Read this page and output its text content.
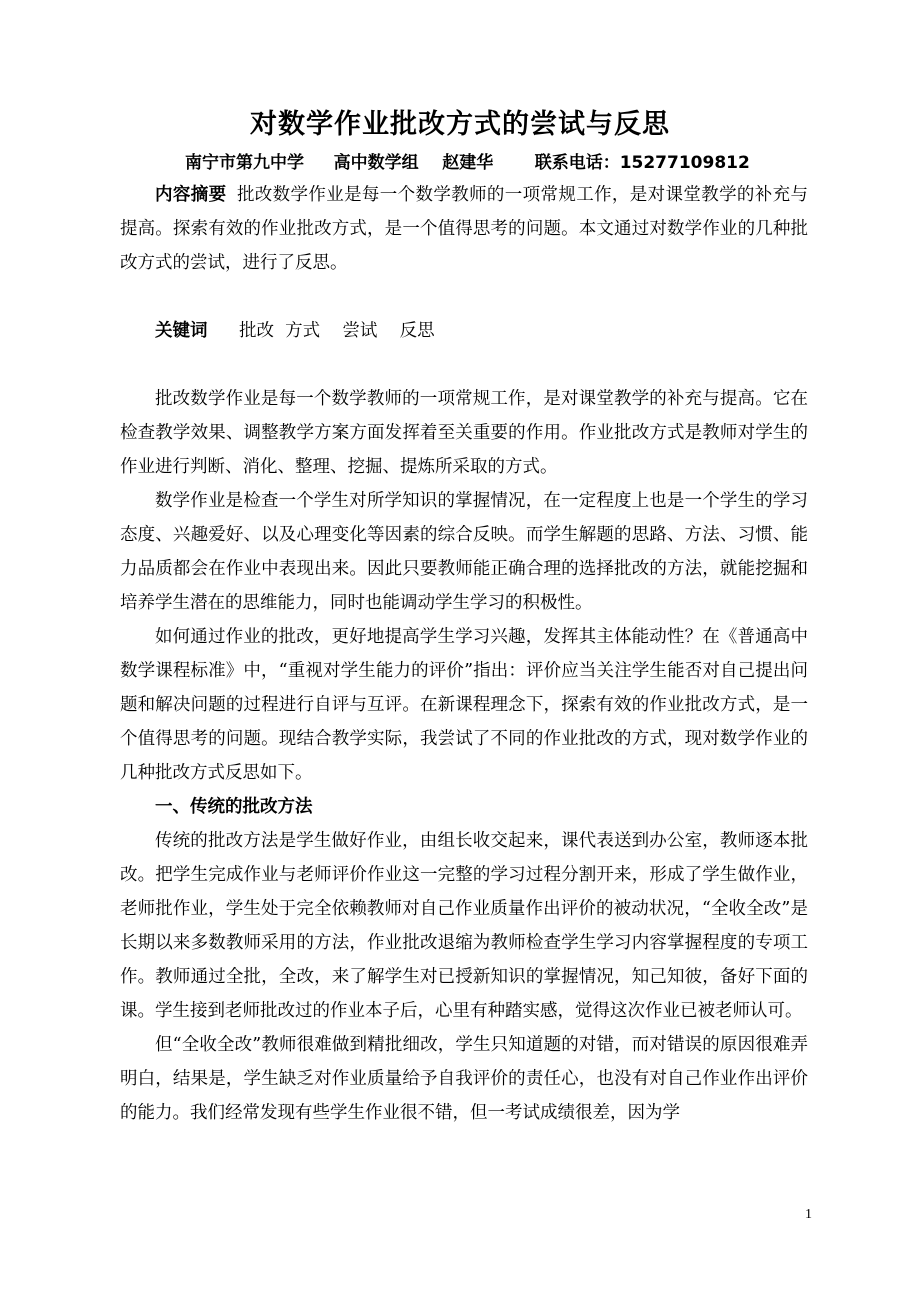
对数学作业批改方式的尝试与反思
南宁市第九中学     高中数学组    赵建华       联系电话：15277109812

内容摘要 批改数学作业是每一个数学教师的一项常规工作，是对课堂教学的补充与提高。探索有效的作业批改方式，是一个值得思考的问题。本文通过对数学作业的几种批改方式的尝试，进行了反思。

关键词 批改  方式    尝试    反思

批改数学作业是每一个数学教师的一项常规工作，是对课堂教学的补充与提高。它在检查教学效果、调整教学方案方面发挥着至关重要的作用。作业批改方式是教师对学生的作业进行判断、消化、整理、挖掘、提炼所采取的方式。

数学作业是检查一个学生对所学知识的掌握情况，在一定程度上也是一个学生的学习态度、兴趣爱好、以及心理变化等因素的综合反映。而学生解题的思路、方法、习惯、能力品质都会在作业中表现出来。因此只要教师能正确合理的选择批改的方法，就能挖掘和培养学生潜在的思维能力，同时也能调动学生学习的积极性。

如何通过作业的批改，更好地提高学生学习兴趣，发挥其主体能动性？在《普通高中数学课程标准》中，“重视对学生能力的评价”指出：评价应当关注学生能否对自己提出问题和解决问题的过程进行自评与互评。在新课程理念下，探索有效的作业批改方式，是一个值得思考的问题。现结合教学实际，我尝试了不同的作业批改的方式，现对数学作业的几种批改方式反思如下。

一、传统的批改方法

传统的批改方法是学生做好作业，由组长收交起来，课代表送到办公室，教师逐本批改。把学生完成作业与老师评价作业这一完整的学习过程分割开来，形成了学生做作业，老师批作业，学生处于完全依赖教师对自己作业质量作出评价的被动状况，“全收全改”是长期以来多数教师采用的方法，作业批改退缩为教师检查学生学习内容掌握程度的专项工作。教师通过全批，全改，来了解学生对已授新知识的掌握情况，知己知彼，备好下面的课。学生接到老师批改过的作业本子后，心里有种踏实感，觉得这次作业已被老师认可。

但“全收全改”教师很难做到精批细改，学生只知道题的对错，而对错误的原因很难弄明白，结果是，学生缺乏对作业质量给予自我评价的责任心，也没有对自己作业作出评价的能力。我们经常发现有些学生作业很不错，但一考试成绩很差，因为学

1
